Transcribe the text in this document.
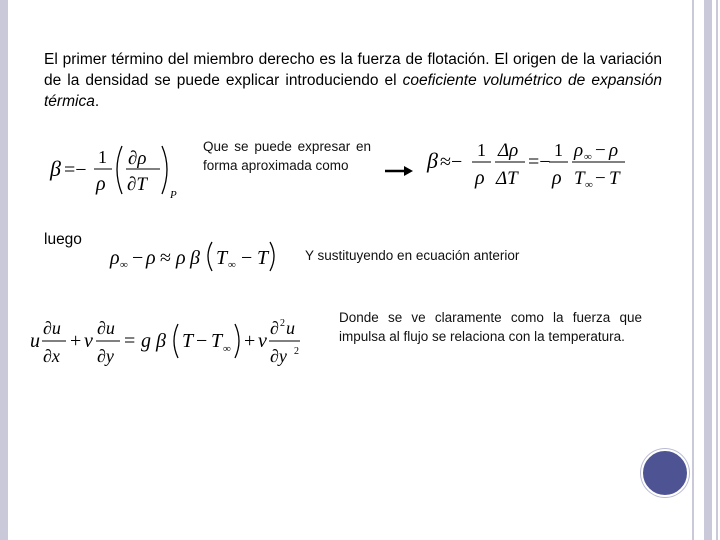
El primer término del miembro derecho es la fuerza de flotación. El origen de la variación de la densidad se puede explicar introduciendo el coeficiente volumétrico de expansión térmica.

β =−
1
ρ
∂ρ
∂T P
Que se puede expresar en forma aproximada como	β ≈−
1
ρ
Δρ
ΔT
=−
1
ρ
ρ ∞ − ρ
T ∞ − T
luego
ρ ∞ − ρ ≈ ρ β T ∞ − T	Y sustituyendo en ecuación anterior
u
∂u
∂x
+ v
∂u
∂y
= g β T − T ∞ + v
∂ 2 u
∂y 2
Donde se ve claramente como la fuerza que impulsa al flujo se relaciona con la temperatura.
